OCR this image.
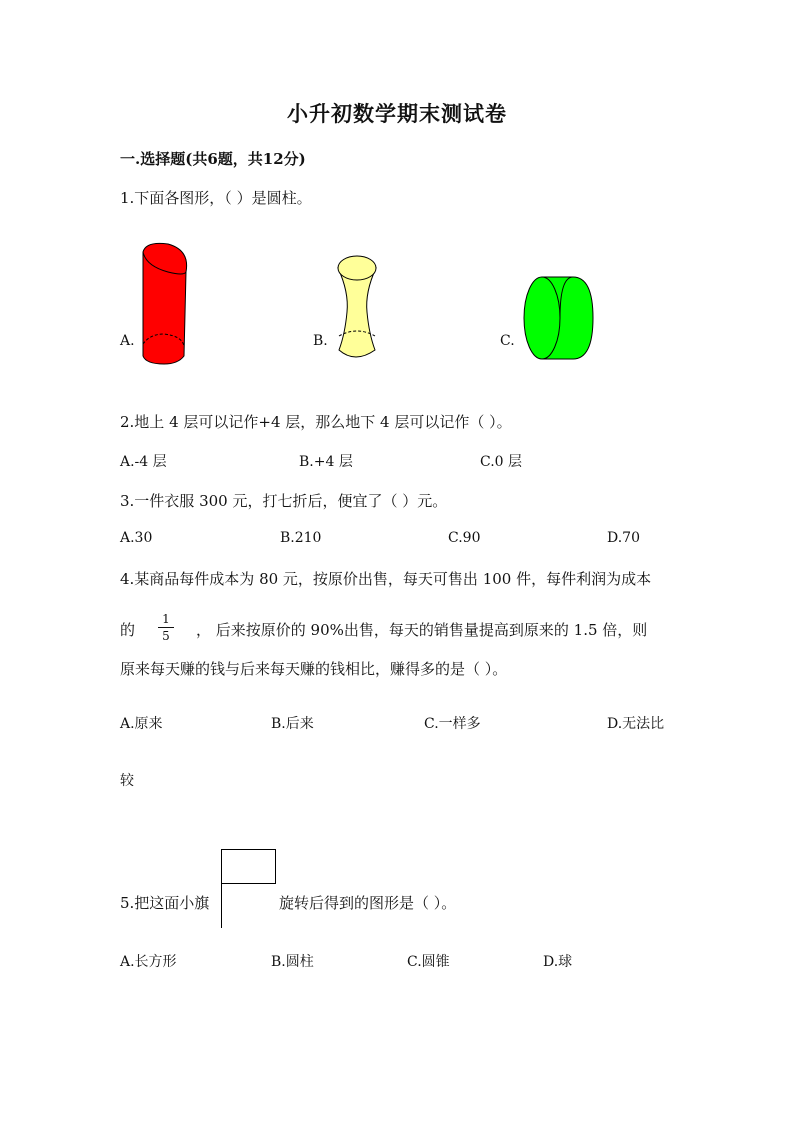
小升初数学期末测试卷
一.选择题(共6题，共12分)
1.下面各图形，（ ）是圆柱。
A.	B.	C.
2.地上 4 层可以记作+4 层，那么地下 4 层可以记作（ ）。
A.-4 层	B.+4 层	C.0 层
3.一件衣服 300 元，打七折后，便宜了（ ）元。
A.30	B.210	C.90	D.70
4.某商品每件成本为 80 元，按原价出售，每天可售出 100 件，每件利润为成本
的
1
5 ， 后来按原价的 90%出售，每天的销售量提高到原来的 1.5 倍，则
原来每天赚的钱与后来每天赚的钱相比，赚得多的是（ ）。
A.原来	B.后来	C.一样多	D.无法比
较
5.把这面小旗	旋转后得到的图形是（ ）。
A.长方形	B.圆柱	C.圆锥	D.球
